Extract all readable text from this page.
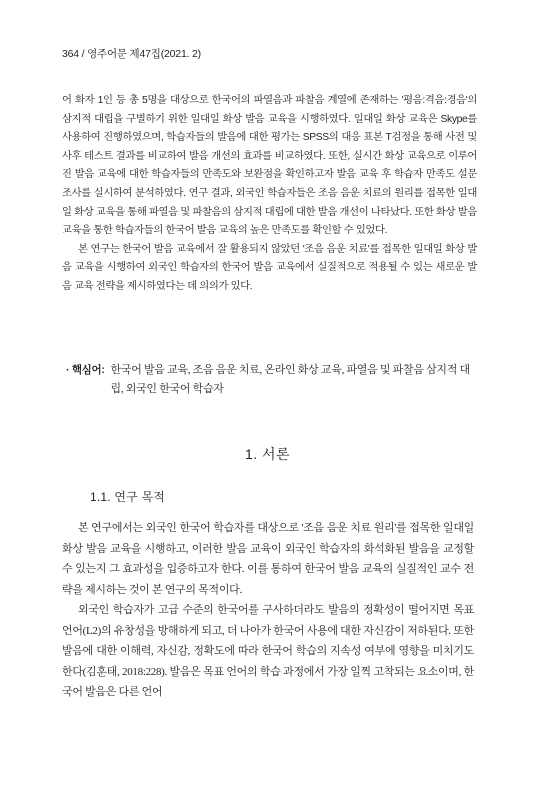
364 / 영주어문 제47집(2021. 2)

어 화자 1인 등 총 5명을 대상으로 한국어의 파열음과 파찰음 계열에 존재하는 '평음:격음:경음'의 삼지적 대립을 구별하기 위한 일대일 화상 발음 교육을 시행하였다. 일대일 화상 교육은 Skype를 사용하여 진행하였으며, 학습자들의 발음에 대한 평가는 SPSS의 대응 표본 T검정을 통해 사전 및 사후 테스트 결과를 비교하여 발음 개선의 효과를 비교하였다. 또한, 실시간 화상 교육으로 이루어진 발음 교육에 대한 학습자들의 만족도와 보완점을 확인하고자 발음 교육 후 학습자 만족도 설문 조사를 실시하여 분석하였다. 연구 결과, 외국인 학습자들은 조음 음운 치료의 원리를 접목한 일대일 화상 교육을 통해 파열음 및 파찰음의 삼지적 대립에 대한 발음 개선이 나타났다. 또한 화상 발음 교육을 통한 학습자들의 한국어 발음 교육의 높은 만족도를 확인할 수 있었다.

본 연구는 한국어 발음 교육에서 잘 활용되지 않았던 '조음 음운 치료'를 접목한 일대일 화상 발음 교육을 시행하여 외국인 학습자의 한국어 발음 교육에서 실질적으로 적용될 수 있는 새로운 발음 교육 전략을 제시하였다는 데 의의가 있다.

· 핵심어: 한국어 발음 교육, 조음 음운 치료, 온라인 화상 교육, 파열음 및 파찰음 삼지적 대립, 외국인 한국어 학습자
1. 서론
1.1. 연구 목적

본 연구에서는 외국인 한국어 학습자를 대상으로 '조음 음운 치료 원리'를 접목한 일대일 화상 발음 교육을 시행하고, 이러한 발음 교육이 외국인 학습자의 화석화된 발음을 교정할 수 있는지 그 효과성을 입증하고자 한다. 이를 통하여 한국어 발음 교육의 실질적인 교수 전략을 제시하는 것이 본 연구의 목적이다.

외국인 학습자가 고급 수준의 한국어를 구사하더라도 발음의 정확성이 떨어지면 목표 언어(L2)의 유창성을 방해하게 되고, 더 나아가 한국어 사용에 대한 자신감이 저하된다. 또한 발음에 대한 이해력, 자신감, 정확도에 따라 한국어 학습의 지속성 여부에 영향을 미치기도 한다(김훈태, 2018:228). 발음은 목표 언어의 학습 과정에서 가장 일찍 고착되는 요소이며, 한국어 발음은 다른 언어
